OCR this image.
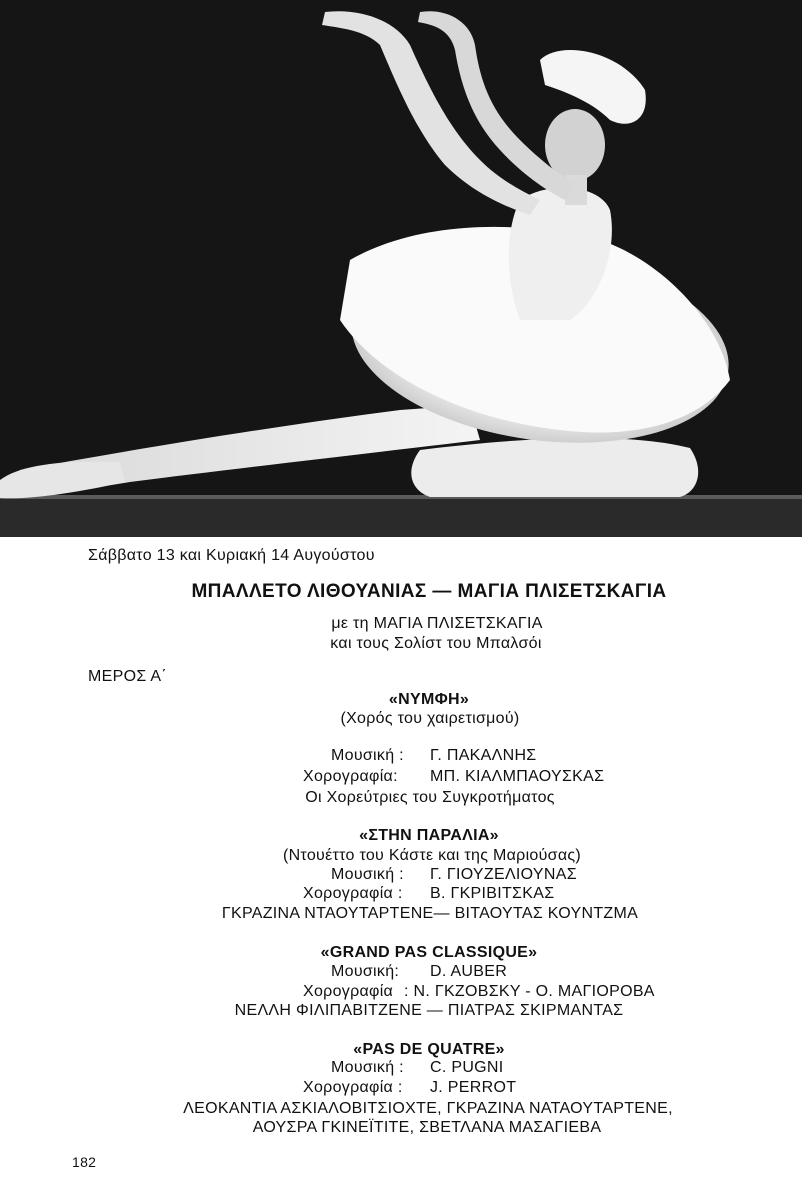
Σάββατο 13 και Κυριακή 14 Αυγούστου
ΜΠΑΛΛΕΤΟ ΛΙΘΟΥΑΝΙΑΣ — ΜΑΓΙΑ ΠΛΙΣΕΤΣΚΑΓΙΑ
με τη ΜΑΓΙΑ ΠΛΙΣΕΤΣΚΑΓΙΑ
και τους Σολίστ του Μπαλσόι
ΜΕΡΟΣ Α΄
«ΝΥΜΦΗ»
(Χορός του χαιρετισμού)
Μουσική : Γ. ΠΑΚΑΛΝΗΣ
Χορογραφία: ΜΠ. ΚΙΑΛΜΠΑΟΥΣΚΑΣ
Οι Χορεύτριες του Συγκροτήματος
«ΣΤΗΝ ΠΑΡΑΛΙΑ»
(Ντουέττο του Κάστε και της Μαριούσας)
Μουσική : Γ. ΓΙΟΥΖΕΛΙΟΥΝΑΣ
Χορογραφία : Β. ΓΚΡΙΒΙΤΣΚΑΣ
ΓΚΡΑΖΙΝΑ ΝΤΑΟΥΤΑΡΤΕΝΕ— ΒΙΤΑΟΥΤΑΣ ΚΟΥΝΤΖΜΑ
«GRAND PAS CLASSIQUE»
Μουσική: D. AUBER
Χορογραφία : Ν. ΓΚΖΟΒΣΚΥ - Ο. ΜΑΓΙΟΡΟΒΑ
ΝΕΛΛΗ ΦΙΛΙΠΑΒΙΤΖΕΝΕ — ΠΙΑΤΡΑΣ ΣΚΙΡΜΑΝΤΑΣ
«PAS DE QUATRE»
Μουσική : C. PUGNI
Χορογραφία : J. PERROT
ΛΕΟΚΑΝΤΙΑ ΑΣΚΙΑΛΟΒΙΤΣΙΟΧΤΕ, ΓΚΡΑΖΙΝΑ ΝΑΤΑΟΥΤΑΡΤΕΝΕ,
ΑΟΥΣΡΑ ΓΚΙΝΕΪΤΙΤΕ, ΣΒΕΤΛΑΝΑ ΜΑΣΑΓΙΕΒΑ
182
